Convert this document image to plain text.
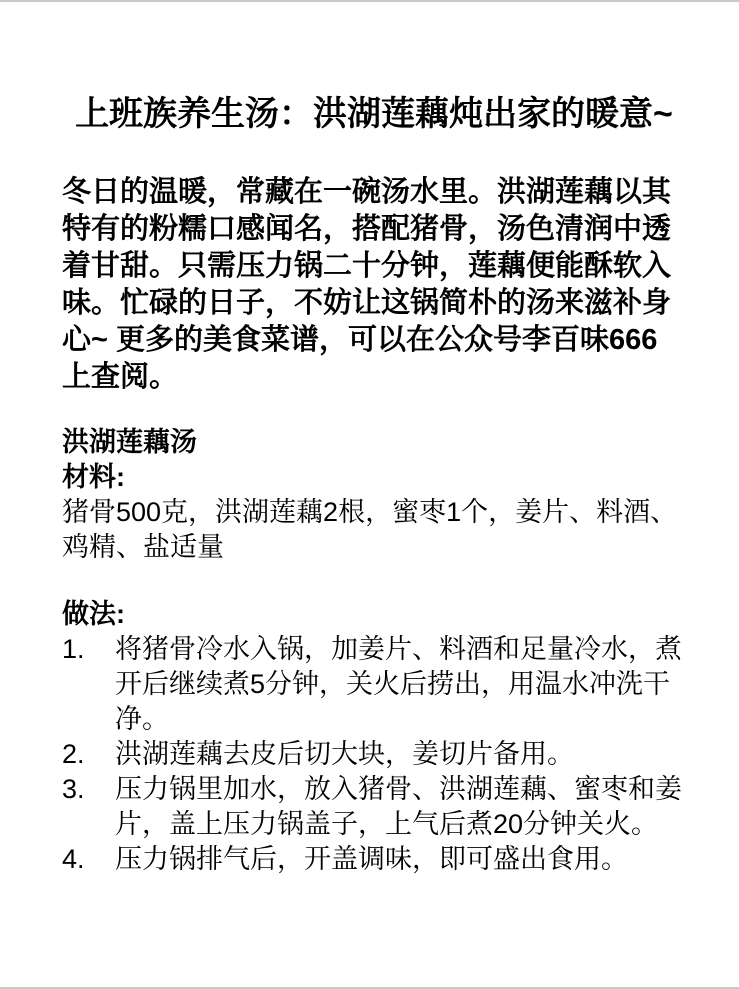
上班族养生汤：洪湖莲藕炖出家的暖意~

冬日的温暖，常藏在一碗汤水里。洪湖莲藕以其特有的粉糯口感闻名，搭配猪骨，汤色清润中透着甘甜。只需压力锅二十分钟，莲藕便能酥软入味。忙碌的日子，不妨让这锅简朴的汤来滋补身心~ 更多的美食菜谱，可以在公众号李百味666上查阅。

洪湖莲藕汤
材料:
猪骨500克，洪湖莲藕2根，蜜枣1个，姜片、料酒、鸡精、盐适量
做法:
1.	将猪骨冷水入锅，加姜片、料酒和足量冷水，煮开后继续煮5分钟，关火后捞出，用温水冲洗干净。
2.	洪湖莲藕去皮后切大块，姜切片备用。
3.	压力锅里加水，放入猪骨、洪湖莲藕、蜜枣和姜片，盖上压力锅盖子，上气后煮20分钟关火。
4.	压力锅排气后，开盖调味，即可盛出食用。
